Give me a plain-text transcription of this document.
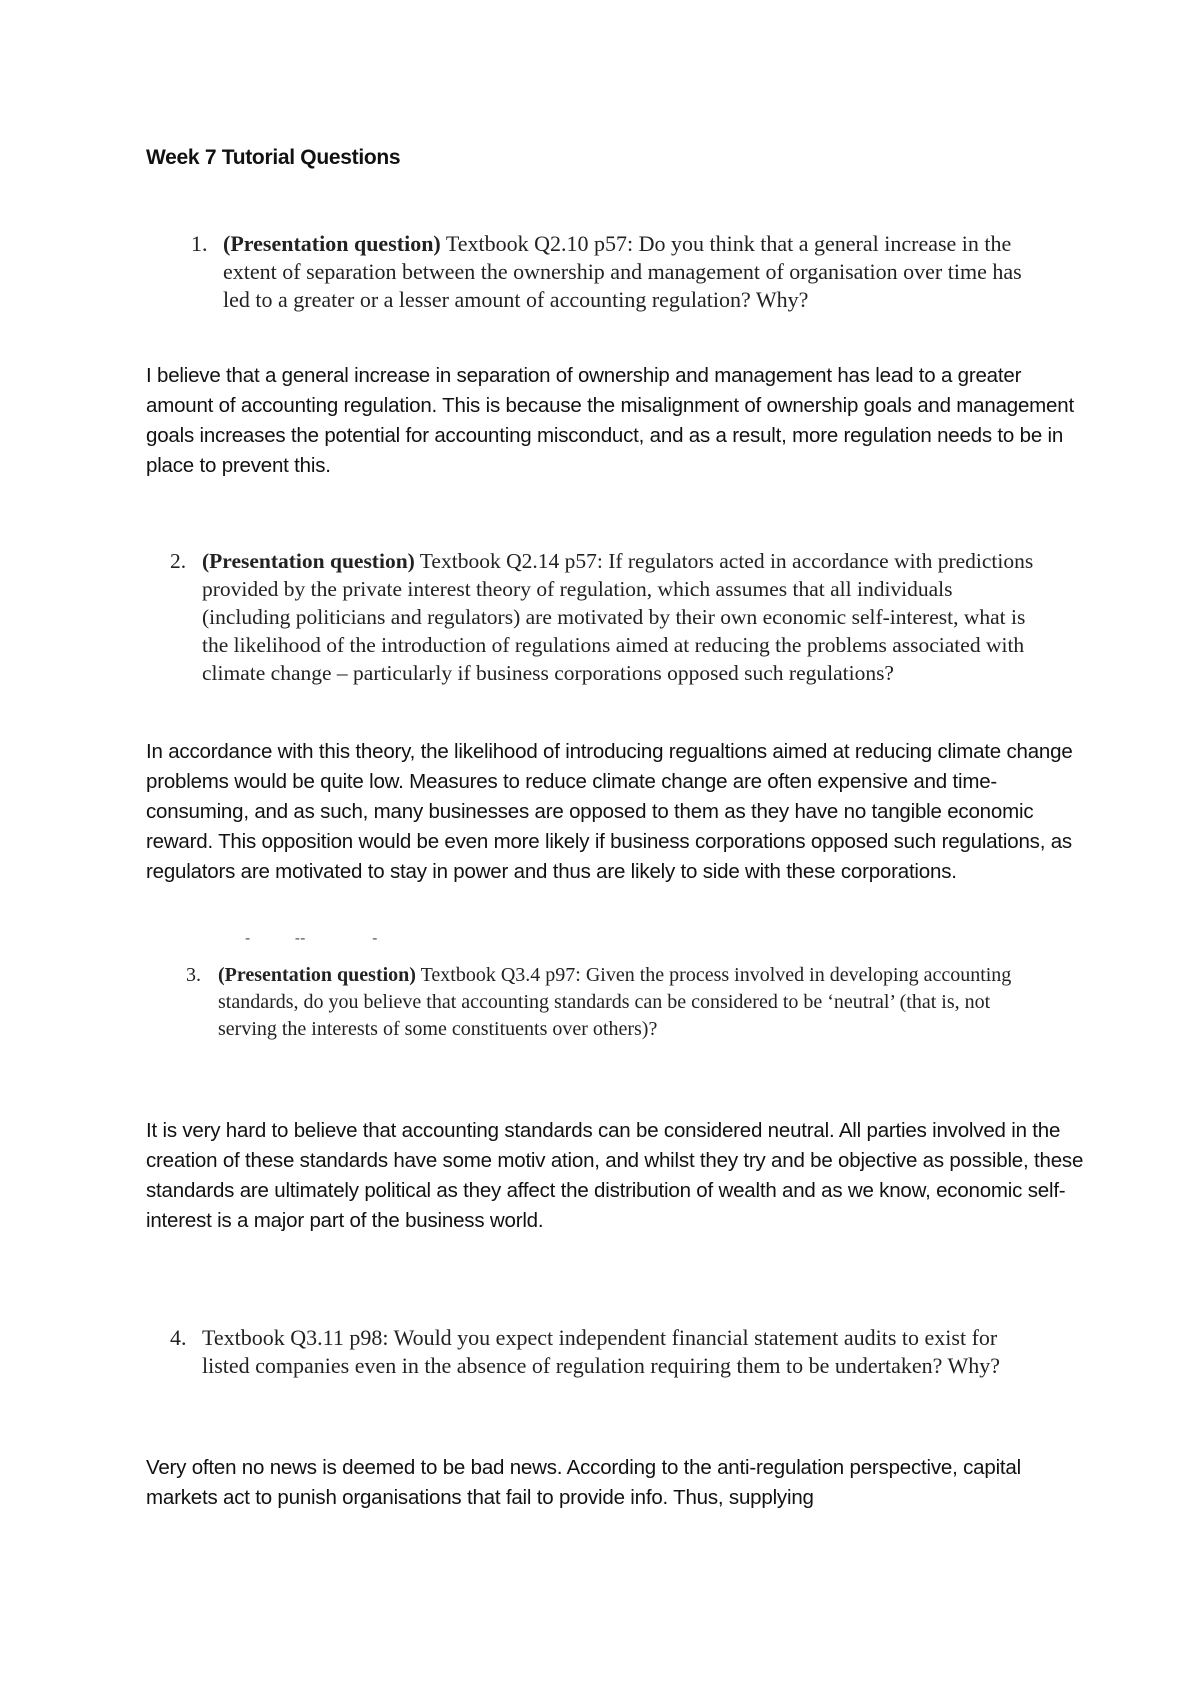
Week 7 Tutorial Questions
1. (Presentation question) Textbook Q2.10 p57: Do you think that a general increase in the extent of separation between the ownership and management of organisation over time has led to a greater or a lesser amount of accounting regulation? Why?

I believe that a general increase in separation of ownership and management has lead to a greater amount of accounting regulation. This is because the misalignment of ownership goals and management goals increases the potential for accounting misconduct, and as a result, more regulation needs to be in place to prevent this.

2. (Presentation question) Textbook Q2.14 p57: If regulators acted in accordance with predictions provided by the private interest theory of regulation, which assumes that all individuals (including politicians and regulators) are motivated by their own economic self-interest, what is the likelihood of the introduction of regulations aimed at reducing the problems associated with climate change – particularly if business corporations opposed such regulations?

In accordance with this theory, the likelihood of introducing regualtions aimed at reducing climate change problems would be quite low. Measures to reduce climate change are often expensive and time-consuming, and as such, many businesses are opposed to them as they have no tangible economic reward. This opposition would be even more likely if business corporations opposed such regulations, as regulators are motivated to stay in power and thus are likely to side with these corporations.

-          --               -
3. (Presentation question) Textbook Q3.4 p97: Given the process involved in developing accounting standards, do you believe that accounting standards can be considered to be ‘neutral’ (that is, not serving the interests of some constituents over others)?

It is very hard to believe that accounting standards can be considered neutral. All parties involved in the creation of these standards have some motiv ation, and whilst they try and be objective as possible, these standards are ultimately political as they affect the distribution of wealth and as we know, economic self-interest is a major part of the business world.

4. Textbook Q3.11 p98: Would you expect independent financial statement audits to exist for listed companies even in the absence of regulation requiring them to be undertaken? Why?

Very often no news is deemed to be bad news. According to the anti-regulation perspective, capital markets act to punish organisations that fail to provide info. Thus, supplying
